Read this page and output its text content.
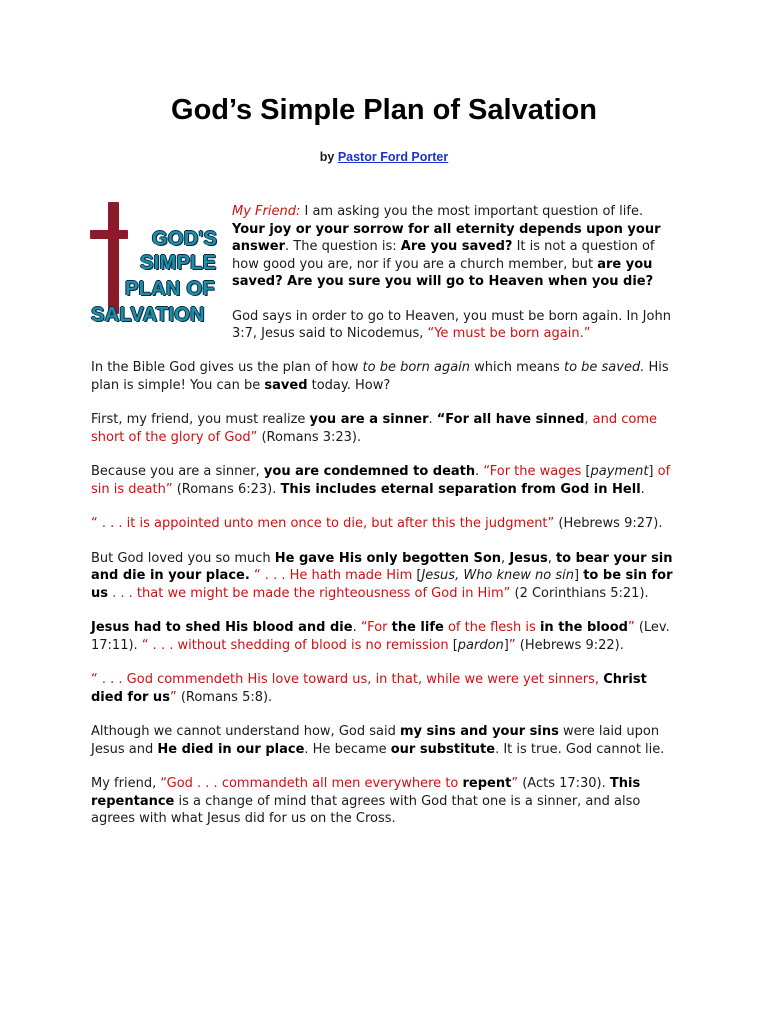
God’s Simple Plan of Salvation
by Pastor Ford Porter
GOD'S
SIMPLE
PLAN OF
SALVATION

My Friend: I am asking you the most important question of life. Your joy or your sorrow for all eternity depends upon your answer. The question is: Are you saved? It is not a question of how good you are, nor if you are a church member, but are you saved? Are you sure you will go to Heaven when you die?

God says in order to go to Heaven, you must be born again. In John 3:7, Jesus said to Nicodemus, “Ye must be born again.”

In the Bible God gives us the plan of how to be born again which means to be saved. His plan is simple! You can be saved today. How?

First, my friend, you must realize you are a sinner. “For all have sinned, and come short of the glory of God” (Romans 3:23).

Because you are a sinner, you are condemned to death. “For the wages [payment] of sin is death” (Romans 6:23). This includes eternal separation from God in Hell.

“ . . . it is appointed unto men once to die, but after this the judgment” (Hebrews 9:27).

But God loved you so much He gave His only begotten Son, Jesus, to bear your sin and die in your place. “ . . . He hath made Him [Jesus, Who knew no sin] to be sin for us . . . that we might be made the righteousness of God in Him” (2 Corinthians 5:21).

Jesus had to shed His blood and die. “For the life of the flesh is in the blood” (Lev. 17:11). “ . . . without shedding of blood is no remission [pardon]” (Hebrews 9:22).

“ . . . God commendeth His love toward us, in that, while we were yet sinners, Christ died for us” (Romans 5:8).

Although we cannot understand how, God said my sins and your sins were laid upon Jesus and He died in our place. He became our substitute. It is true. God cannot lie.

My friend, “God . . . commandeth all men everywhere to repent” (Acts 17:30). This repentance is a change of mind that agrees with God that one is a sinner, and also agrees with what Jesus did for us on the Cross.
